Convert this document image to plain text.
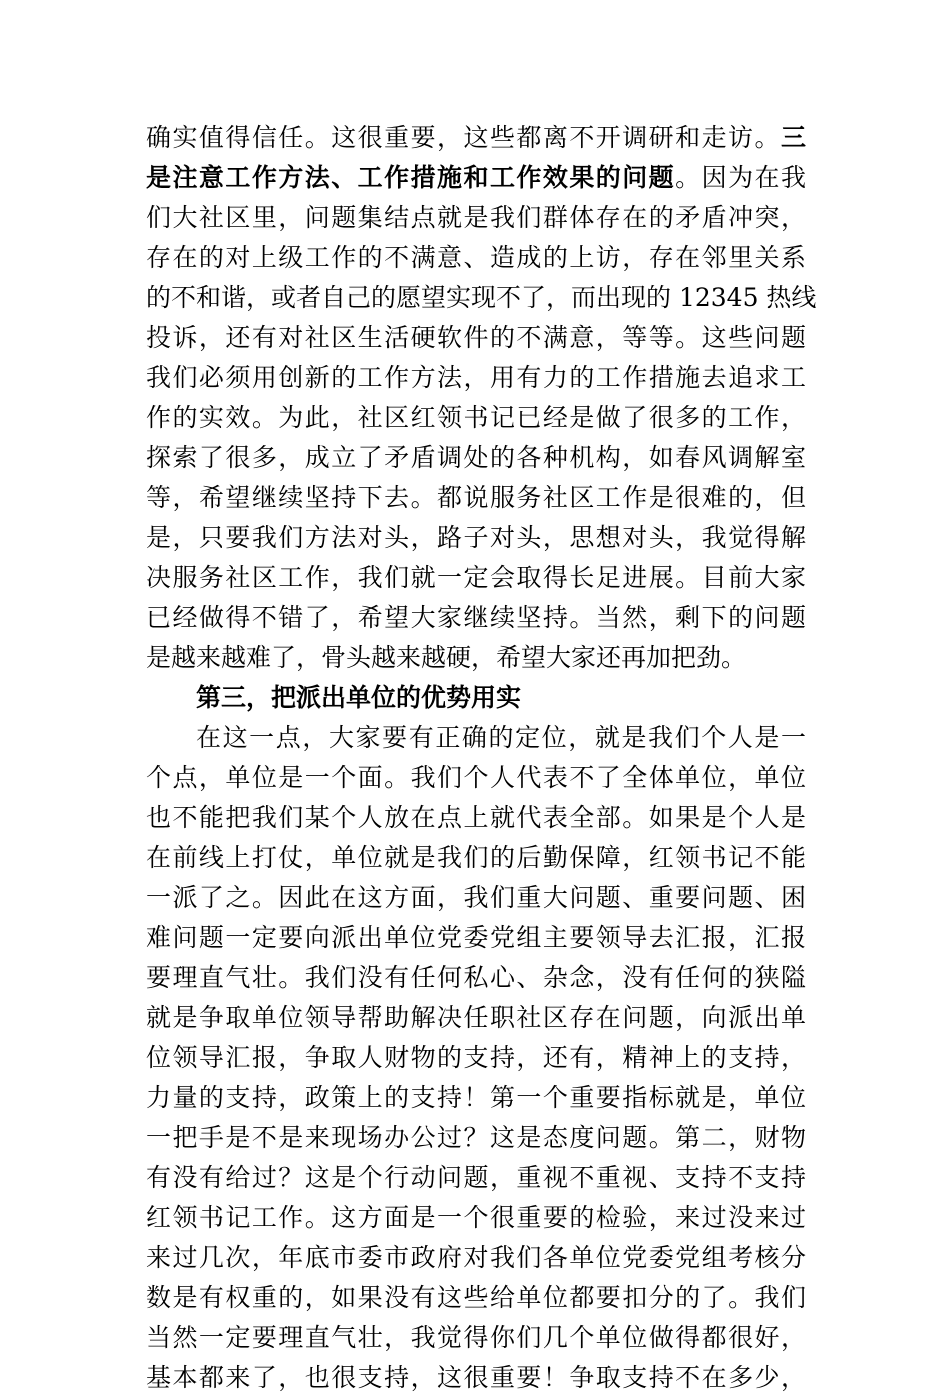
确实值得信任。这很重要，这些都离不开调研和走访。三
是注意工作方法、工作措施和工作效果的问题。因为在我
们大社区里，问题集结点就是我们群体存在的矛盾冲突，
存在的对上级工作的不满意、造成的上访，存在邻里关系
的不和谐，或者自己的愿望实现不了，而出现的 12345 热线
投诉，还有对社区生活硬软件的不满意，等等。这些问题
我们必须用创新的工作方法，用有力的工作措施去追求工
作的实效。为此，社区红领书记已经是做了很多的工作，
探索了很多，成立了矛盾调处的各种机构，如春风调解室
等，希望继续坚持下去。都说服务社区工作是很难的，但
是，只要我们方法对头，路子对头，思想对头，我觉得解
决服务社区工作，我们就一定会取得长足进展。目前大家
已经做得不错了，希望大家继续坚持。当然，剩下的问题
是越来越难了，骨头越来越硬，希望大家还再加把劲。
第三，把派出单位的优势用实
在这一点，大家要有正确的定位，就是我们个人是一
个点，单位是一个面。我们个人代表不了全体单位，单位
也不能把我们某个人放在点上就代表全部。如果是个人是
在前线上打仗，单位就是我们的后勤保障，红领书记不能
一派了之。因此在这方面，我们重大问题、重要问题、困
难问题一定要向派出单位党委党组主要领导去汇报，汇报
要理直气壮。我们没有任何私心、杂念，没有任何的狭隘
就是争取单位领导帮助解决任职社区存在问题，向派出单
位领导汇报，争取人财物的支持，还有，精神上的支持，
力量的支持，政策上的支持！第一个重要指标就是，单位
一把手是不是来现场办公过？这是态度问题。第二，财物
有没有给过？这是个行动问题，重视不重视、支持不支持
红领书记工作。这方面是一个很重要的检验，来过没来过
来过几次，年底市委市政府对我们各单位党委党组考核分
数是有权重的，如果没有这些给单位都要扣分的了。我们
当然一定要理直气壮，我觉得你们几个单位做得都很好，
基本都来了，也很支持，这很重要！争取支持不在多少，
